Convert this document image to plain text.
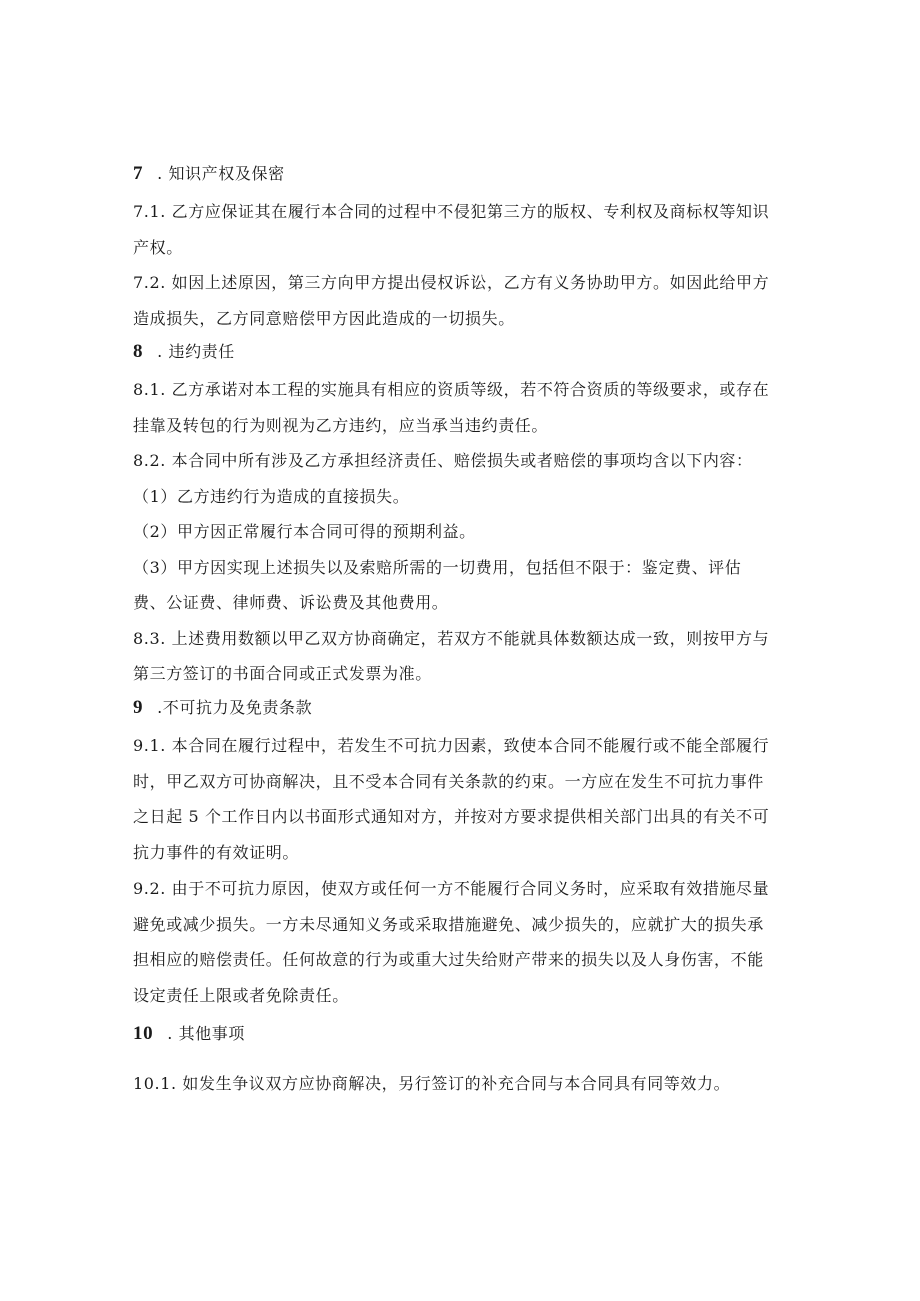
7 . 知识产权及保密
7.1. 乙方应保证其在履行本合同的过程中不侵犯第三方的版权、专利权及商标权等知识
产权。
7.2. 如因上述原因，第三方向甲方提出侵权诉讼，乙方有义务协助甲方。如因此给甲方
造成损失，乙方同意赔偿甲方因此造成的一切损失。
8 . 违约责任
8.1. 乙方承诺对本工程的实施具有相应的资质等级，若不符合资质的等级要求，或存在
挂靠及转包的行为则视为乙方违约，应当承当违约责任。
8.2. 本合同中所有涉及乙方承担经济责任、赔偿损失或者赔偿的事项均含以下内容：
（1）乙方违约行为造成的直接损失。
（2）甲方因正常履行本合同可得的预期利益。
（3）甲方因实现上述损失以及索赔所需的一切费用，包括但不限于：鉴定费、评估
费、公证费、律师费、诉讼费及其他费用。
8.3. 上述费用数额以甲乙双方协商确定，若双方不能就具体数额达成一致，则按甲方与
第三方签订的书面合同或正式发票为准。
9 .不可抗力及免责条款
9.1. 本合同在履行过程中，若发生不可抗力因素，致使本合同不能履行或不能全部履行
时，甲乙双方可协商解决，且不受本合同有关条款的约束。一方应在发生不可抗力事件
之日起 5 个工作日内以书面形式通知对方，并按对方要求提供相关部门出具的有关不可
抗力事件的有效证明。
9.2. 由于不可抗力原因，使双方或任何一方不能履行合同义务时，应采取有效措施尽量
避免或减少损失。一方未尽通知义务或采取措施避免、减少损失的，应就扩大的损失承
担相应的赔偿责任。任何故意的行为或重大过失给财产带来的损失以及人身伤害，不能
设定责任上限或者免除责任。
10 . 其他事项
10.1. 如发生争议双方应协商解决，另行签订的补充合同与本合同具有同等效力。
